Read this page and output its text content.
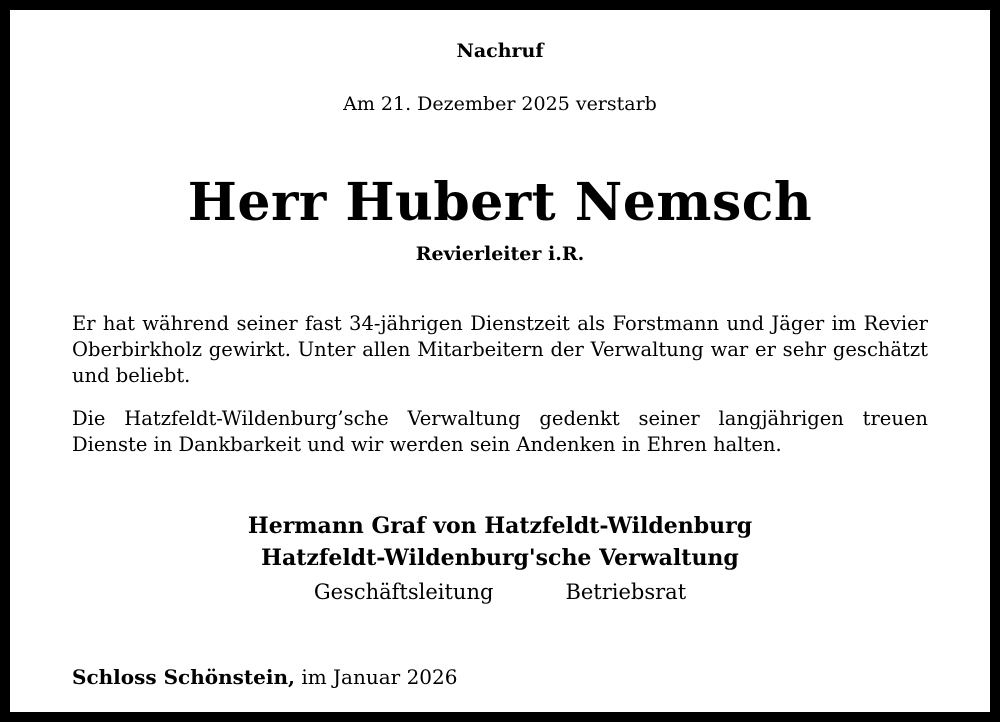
Nachruf
Am 21. Dezember 2025 verstarb
Herr Hubert Nemsch
Revierleiter i.R.
Er hat während seiner fast 34-jährigen Dienstzeit als Forstmann und Jäger im Revier Oberbirkholz gewirkt. Unter allen Mitarbeitern der Verwaltung war er sehr geschätzt und beliebt.
Die Hatzfeldt-Wildenburg’sche Verwaltung gedenkt seiner langjährigen treuen Dienste in Dankbarkeit und wir werden sein Andenken in Ehren halten.
Hermann Graf von Hatzfeldt-Wildenburg
Hatzfeldt-Wildenburg'sche Verwaltung
Geschäftsleitung	Betriebsrat
Schloss Schönstein, im Januar 2026
